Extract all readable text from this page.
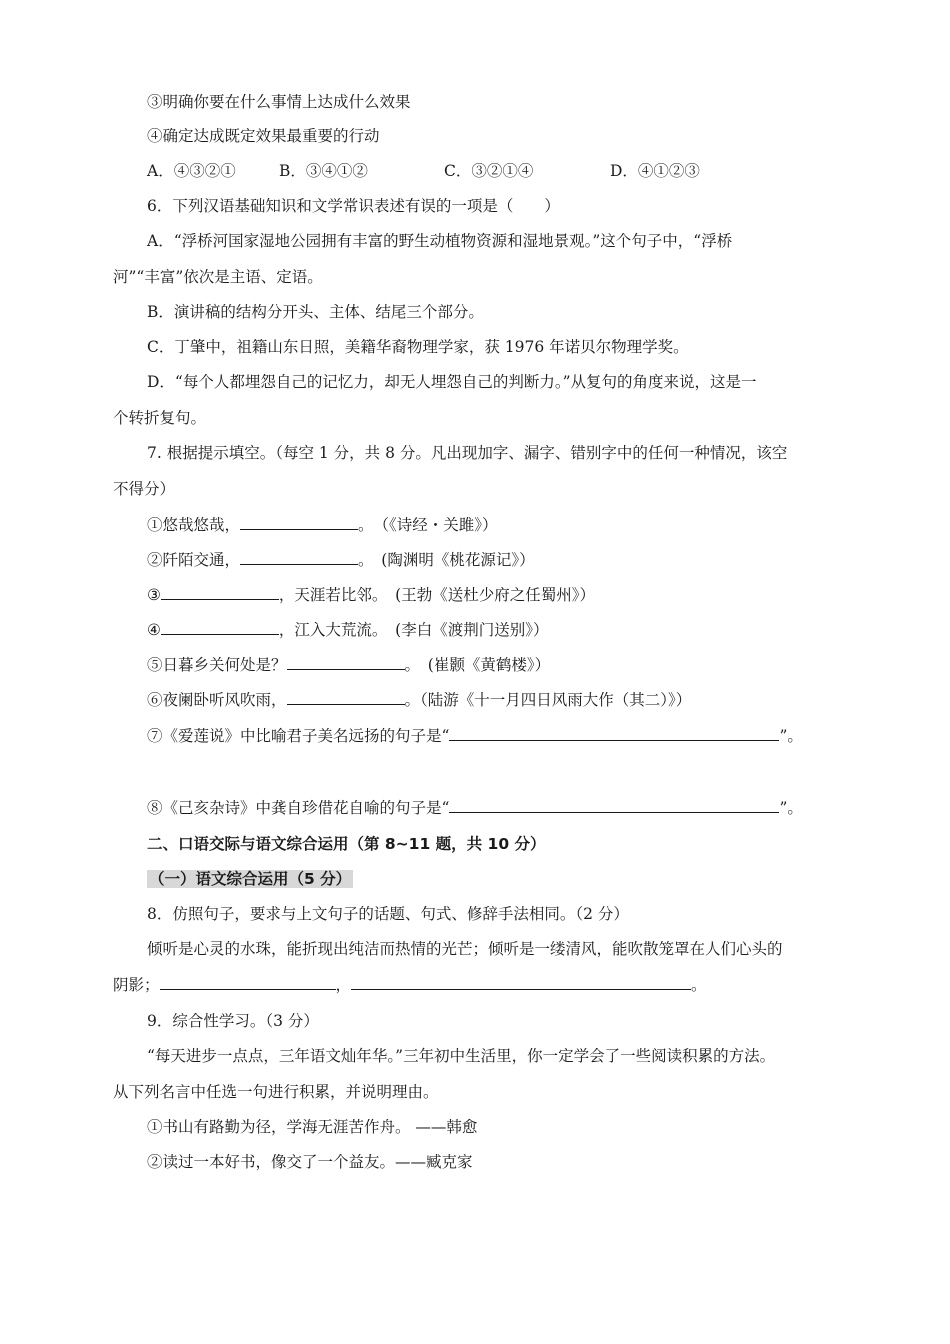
③明确你要在什么事情上达成什么效果
④确定达成既定效果最重要的行动
A．④③②①	B．③④①②	C．③②①④	D．④①②③
6．下列汉语基础知识和文学常识表述有误的一项是（　　）
A．“浮桥河国家湿地公园拥有丰富的野生动植物资源和湿地景观。”这个句子中，“浮桥
河”“丰富”依次是主语、定语。
B．演讲稿的结构分开头、主体、结尾三个部分。
C．丁肇中，祖籍山东日照，美籍华裔物理学家，获 1976 年诺贝尔物理学奖。
D．“每个人都埋怨自己的记忆力，却无人埋怨自己的判断力。”从复句的角度来说，这是一
个转折复句。
7. 根据提示填空。（每空 1 分，共 8 分。凡出现加字、漏字、错别字中的任何一种情况，该空
不得分）
①悠哉悠哉，	。　（《诗经・关雎》）
②阡陌交通，	。　(陶渊明《桃花源记》）
③	，天涯若比邻。　(王勃《送杜少府之任蜀州》）
④	，江入大荒流。　(李白《渡荆门送别》）
⑤日暮乡关何处是？	。　(崔颢《黄鹤楼》）
⑥夜阑卧听风吹雨，	。（陆游《十一月四日风雨大作（其二）》）
⑦《爱莲说》中比喻君子美名远扬的句子是“	”。
⑧《己亥杂诗》中龚自珍借花自喻的句子是“	”。
二、口语交际与语文综合运用（第 8~11 题，共 10 分）
（一）语文综合运用（5 分）
8．仿照句子，要求与上文句子的话题、句式、修辞手法相同。（2 分）
倾听是心灵的水珠，能折现出纯洁而热情的光芒；倾听是一缕清风，能吹散笼罩在人们心头的
阴影；	，	。
9．综合性学习。（3 分）
“每天进步一点点，三年语文灿年华。”三年初中生活里，你一定学会了一些阅读积累的方法。
从下列名言中任选一句进行积累，并说明理由。
①书山有路勤为径，学海无涯苦作舟。 ——韩愈
②读过一本好书，像交了一个益友。——臧克家
